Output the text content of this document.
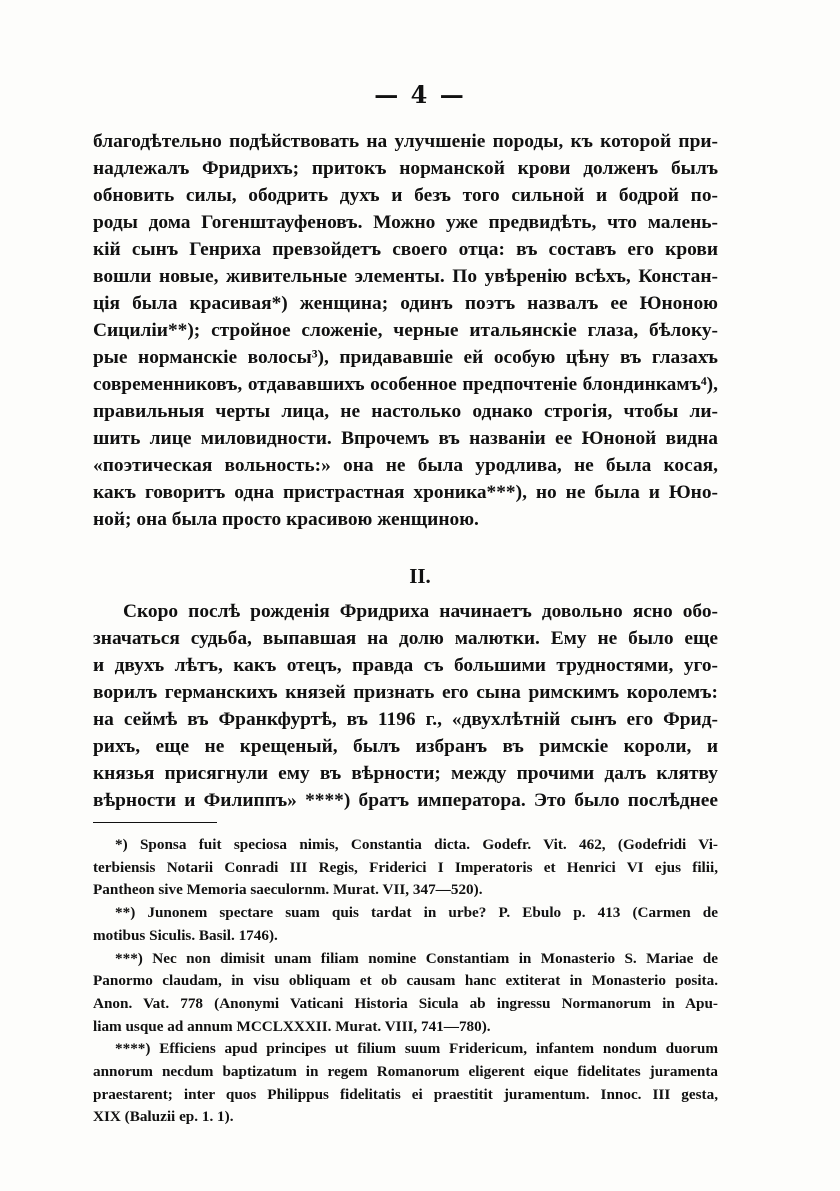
— 4 —
благодѣтельно подѣйствовать на улучшеніе породы, къ которой при-
надлежалъ Фридрихъ; притокъ норманской крови долженъ былъ
обновить силы, ободрить духъ и безъ того сильной и бодрой по-
роды дома Гогенштауфеновъ. Можно уже предвидѣть, что малень-
кій сынъ Генриха превзойдетъ своего отца: въ составъ его крови
вошли новые, живительные элементы. По увѣренію всѣхъ, Констан-
ція была красивая*) женщина; одинъ поэтъ назвалъ ее Юноною
Сициліи**); стройное сложеніе, черные итальянскіе глаза, бѣлоку-
рые норманскіе волосы³), придававшіе ей особую цѣну въ глазахъ
современниковъ, отдававшихъ особенное предпочтеніе блондинкамъ⁴),
правильныя черты лица, не настолько однако строгія, чтобы ли-
шить лице миловидности. Впрочемъ въ названіи ее Юноной видна
«поэтическая вольность:» она не была уродлива, не была косая,
какъ говоритъ одна пристрастная хроника***), но не была и Юно-
ной; она была просто красивою женщиною.
II.
Скоро послѣ рожденія Фридриха начинаетъ довольно ясно обо-
значаться судьба, выпавшая на долю малютки. Ему не было еще
и двухъ лѣтъ, какъ отецъ, правда съ большими трудностями, уго-
ворилъ германскихъ князей признать его сына римскимъ королемъ:
на сеймѣ въ Франкфуртѣ, въ 1196 г., «двухлѣтній сынъ его Фрид-
рихъ, еще не крещеный, былъ избранъ въ римскіе короли, и
князья присягнули ему въ вѣрности; между прочими далъ клятву
вѣрности и Филиппъ» ****) братъ императора. Это было послѣднее
*) Sponsa fuit speciosa nimis, Constantia dicta. Godefr. Vit. 462, (Godefridi Vi-
terbiensis Notarii Conradi III Regis, Friderici I Imperatoris et Henrici VI ejus filii,
Pantheon sive Memoria saeculornm. Murat. VII, 347—520).
**) Junonem spectare suam quis tardat in urbe? P. Ebulo p. 413 (Carmen de
motibus Siculis. Basil. 1746).
***) Nec non dimisit unam filiam nomine Constantiam in Monasterio S. Mariae de
Panormo claudam, in visu obliquam et ob causam hanc extiterat in Monasterio posita.
Anon. Vat. 778 (Anonymi Vaticani Historia Sicula ab ingressu Normanorum in Apu-
liam usque ad annum MCCLXXXII. Murat. VIII, 741—780).
****) Efficiens apud principes ut filium suum Fridericum, infantem nondum duorum
annorum necdum baptizatum in regem Romanorum eligerent eique fidelitates juramenta
praestarent; inter quos Philippus fidelitatis ei praestitit juramentum. Innoc. III gesta,
XIX (Baluzii ep. 1. 1).
